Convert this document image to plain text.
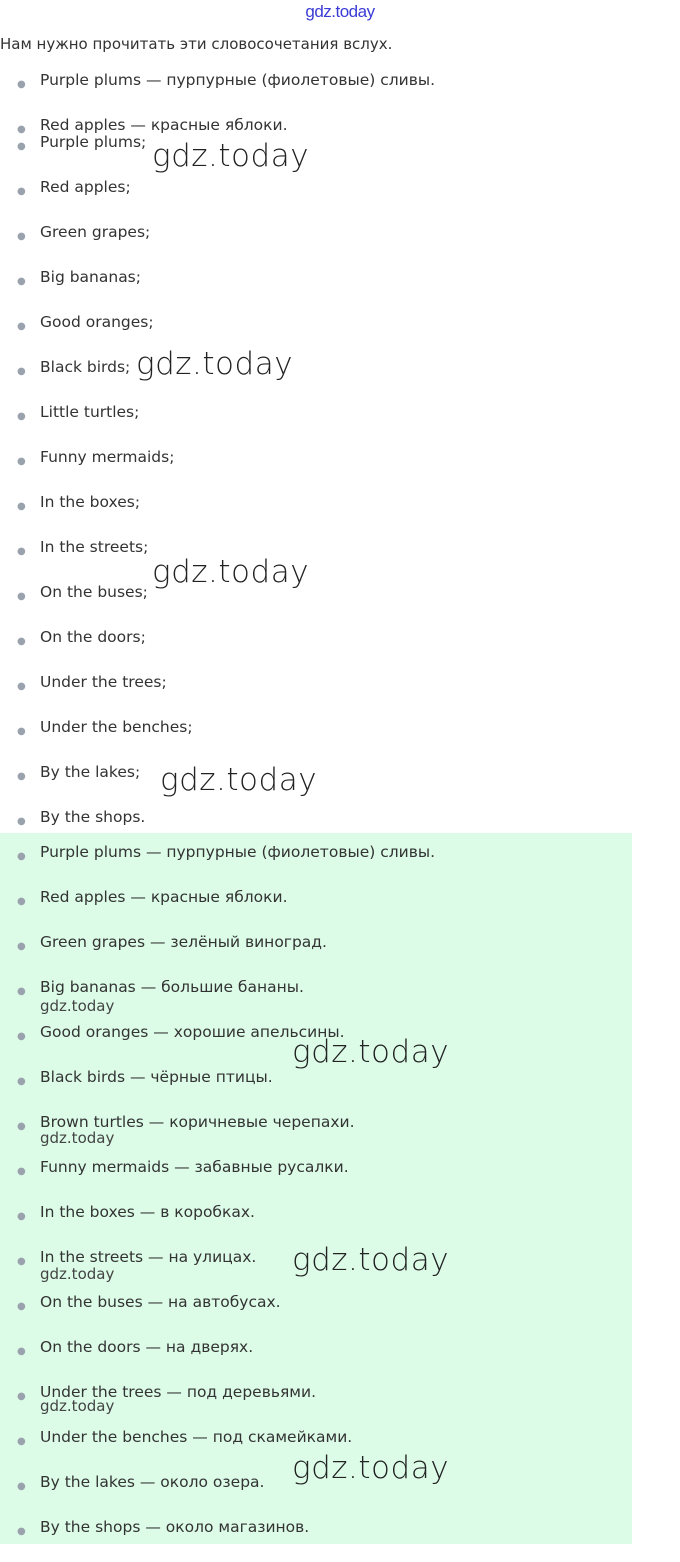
gdz.today
Нам нужно прочитать эти словосочетания вслух.
● Purple plums — пурпурные (фиолетовые) сливы.
● Red apples — красные яблоки.
● Purple plums;
● Red apples;
● Green grapes;
● Big bananas;
● Good oranges;
● Black birds;
● Little turtles;
● Funny mermaids;
● In the boxes;
● In the streets;
● On the buses;
● On the doors;
● Under the trees;
● Under the benches;
● By the lakes;
● By the shops.
● Purple plums — пурпурные (фиолетовые) сливы.
● Red apples — красные яблоки.
● Green grapes — зелёный виноград.
● Big bananas — большие бананы.
● Good oranges — хорошие апельсины.
● Black birds — чёрные птицы.
● Brown turtles — коричневые черепахи.
● Funny mermaids — забавные русалки.
● In the boxes — в коробках.
● In the streets — на улицах.
● On the buses — на автобусах.
● On the doors — на дверях.
● Under the trees — под деревьями.
● Under the benches — под скамейками.
● By the lakes — около озера.
● By the shops — около магазинов.
gdz.today
gdz.today
gdz.today
gdz.today
gdz.today
gdz.today
gdz.today
gdz.today
gdz.today
gdz.today
gdz.today
